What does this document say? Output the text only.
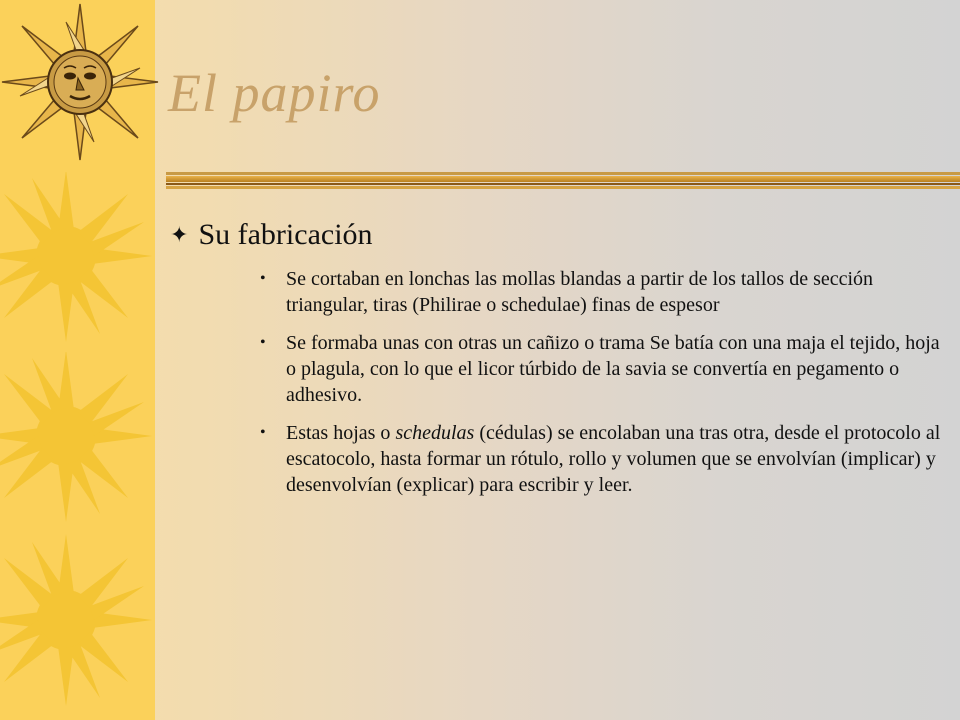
El papiro
✦ Su fabricación
• Se cortaban en lonchas las mollas blandas a partir de los tallos de sección triangular, tiras (Philirae o schedulae) finas de espesor
• Se formaba unas con otras un cañizo o trama Se batía con una maja el tejido, hoja o plagula, con lo que el licor túrbido de la savia se convertía en pegamento o adhesivo.
• Estas hojas o schedulas (cédulas) se encolaban una tras otra, desde el protocolo al escatocolo, hasta formar un rótulo, rollo y volumen que se envolvían (implicar) y desenvolvían (explicar) para escribir y leer.
